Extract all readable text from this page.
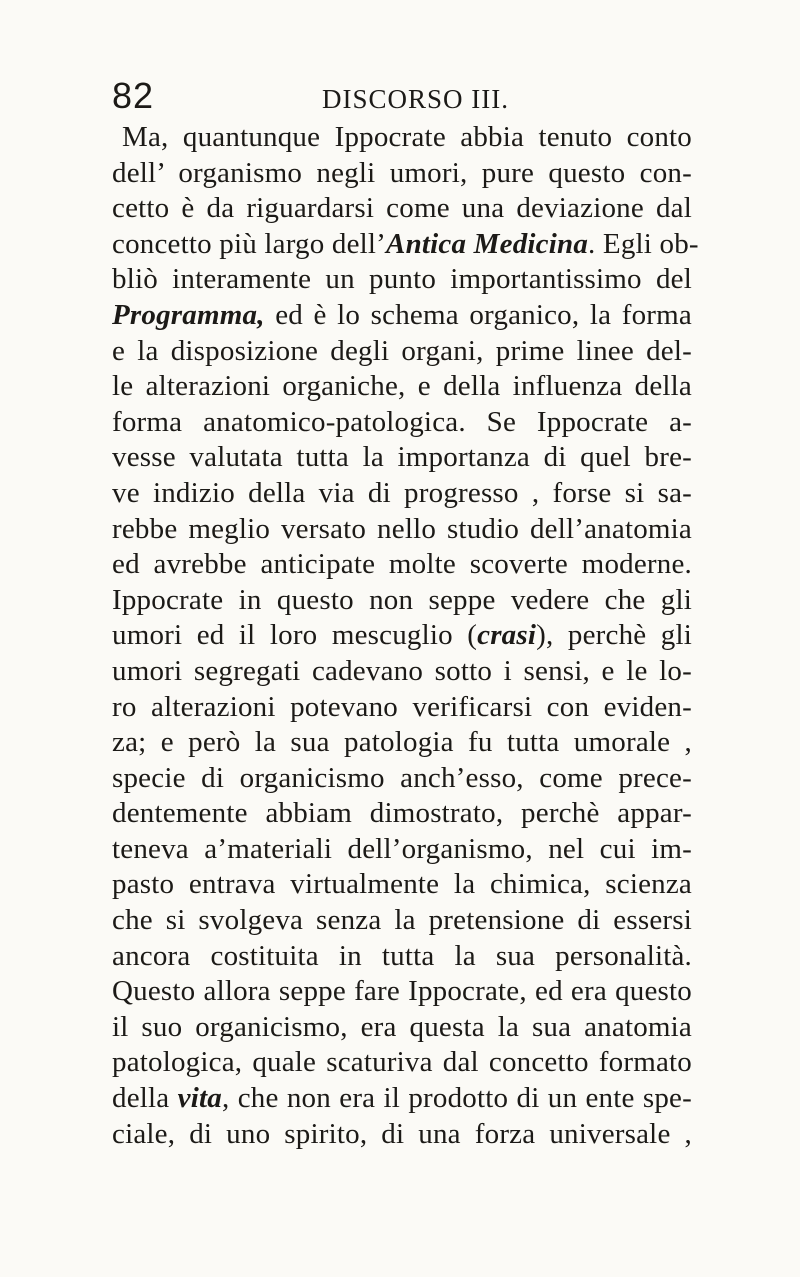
82	DISCORSO III.
Ma, quantunque Ippocrate abbia tenuto conto
dell’ organismo negli umori, pure questo con-
cetto è da riguardarsi come una deviazione dal
concetto più largo dell’Antica Medicina. Egli ob-
bliò interamente un punto importantissimo del
Programma, ed è lo schema organico, la forma
e la disposizione degli organi, prime linee del-
le alterazioni organiche, e della influenza della
forma anatomico-patologica. Se Ippocrate a-
vesse valutata tutta la importanza di quel bre-
ve indizio della via di progresso , forse si sa-
rebbe meglio versato nello studio dell’anatomia
ed avrebbe anticipate molte scoverte moderne.
Ippocrate in questo non seppe vedere che gli
umori ed il loro mescuglio (crasi), perchè gli
umori segregati cadevano sotto i sensi, e le lo-
ro alterazioni potevano verificarsi con eviden-
za; e però la sua patologia fu tutta umorale ,
specie di organicismo anch’esso, come prece-
dentemente abbiam dimostrato, perchè appar-
teneva a’materiali dell’organismo, nel cui im-
pasto entrava virtualmente la chimica, scienza
che si svolgeva senza la pretensione di essersi
ancora costituita in tutta la sua personalità.
Questo allora seppe fare Ippocrate, ed era questo
il suo organicismo, era questa la sua anatomia
patologica, quale scaturiva dal concetto formato
della vita, che non era il prodotto di un ente spe-
ciale, di uno spirito, di una forza universale ,
